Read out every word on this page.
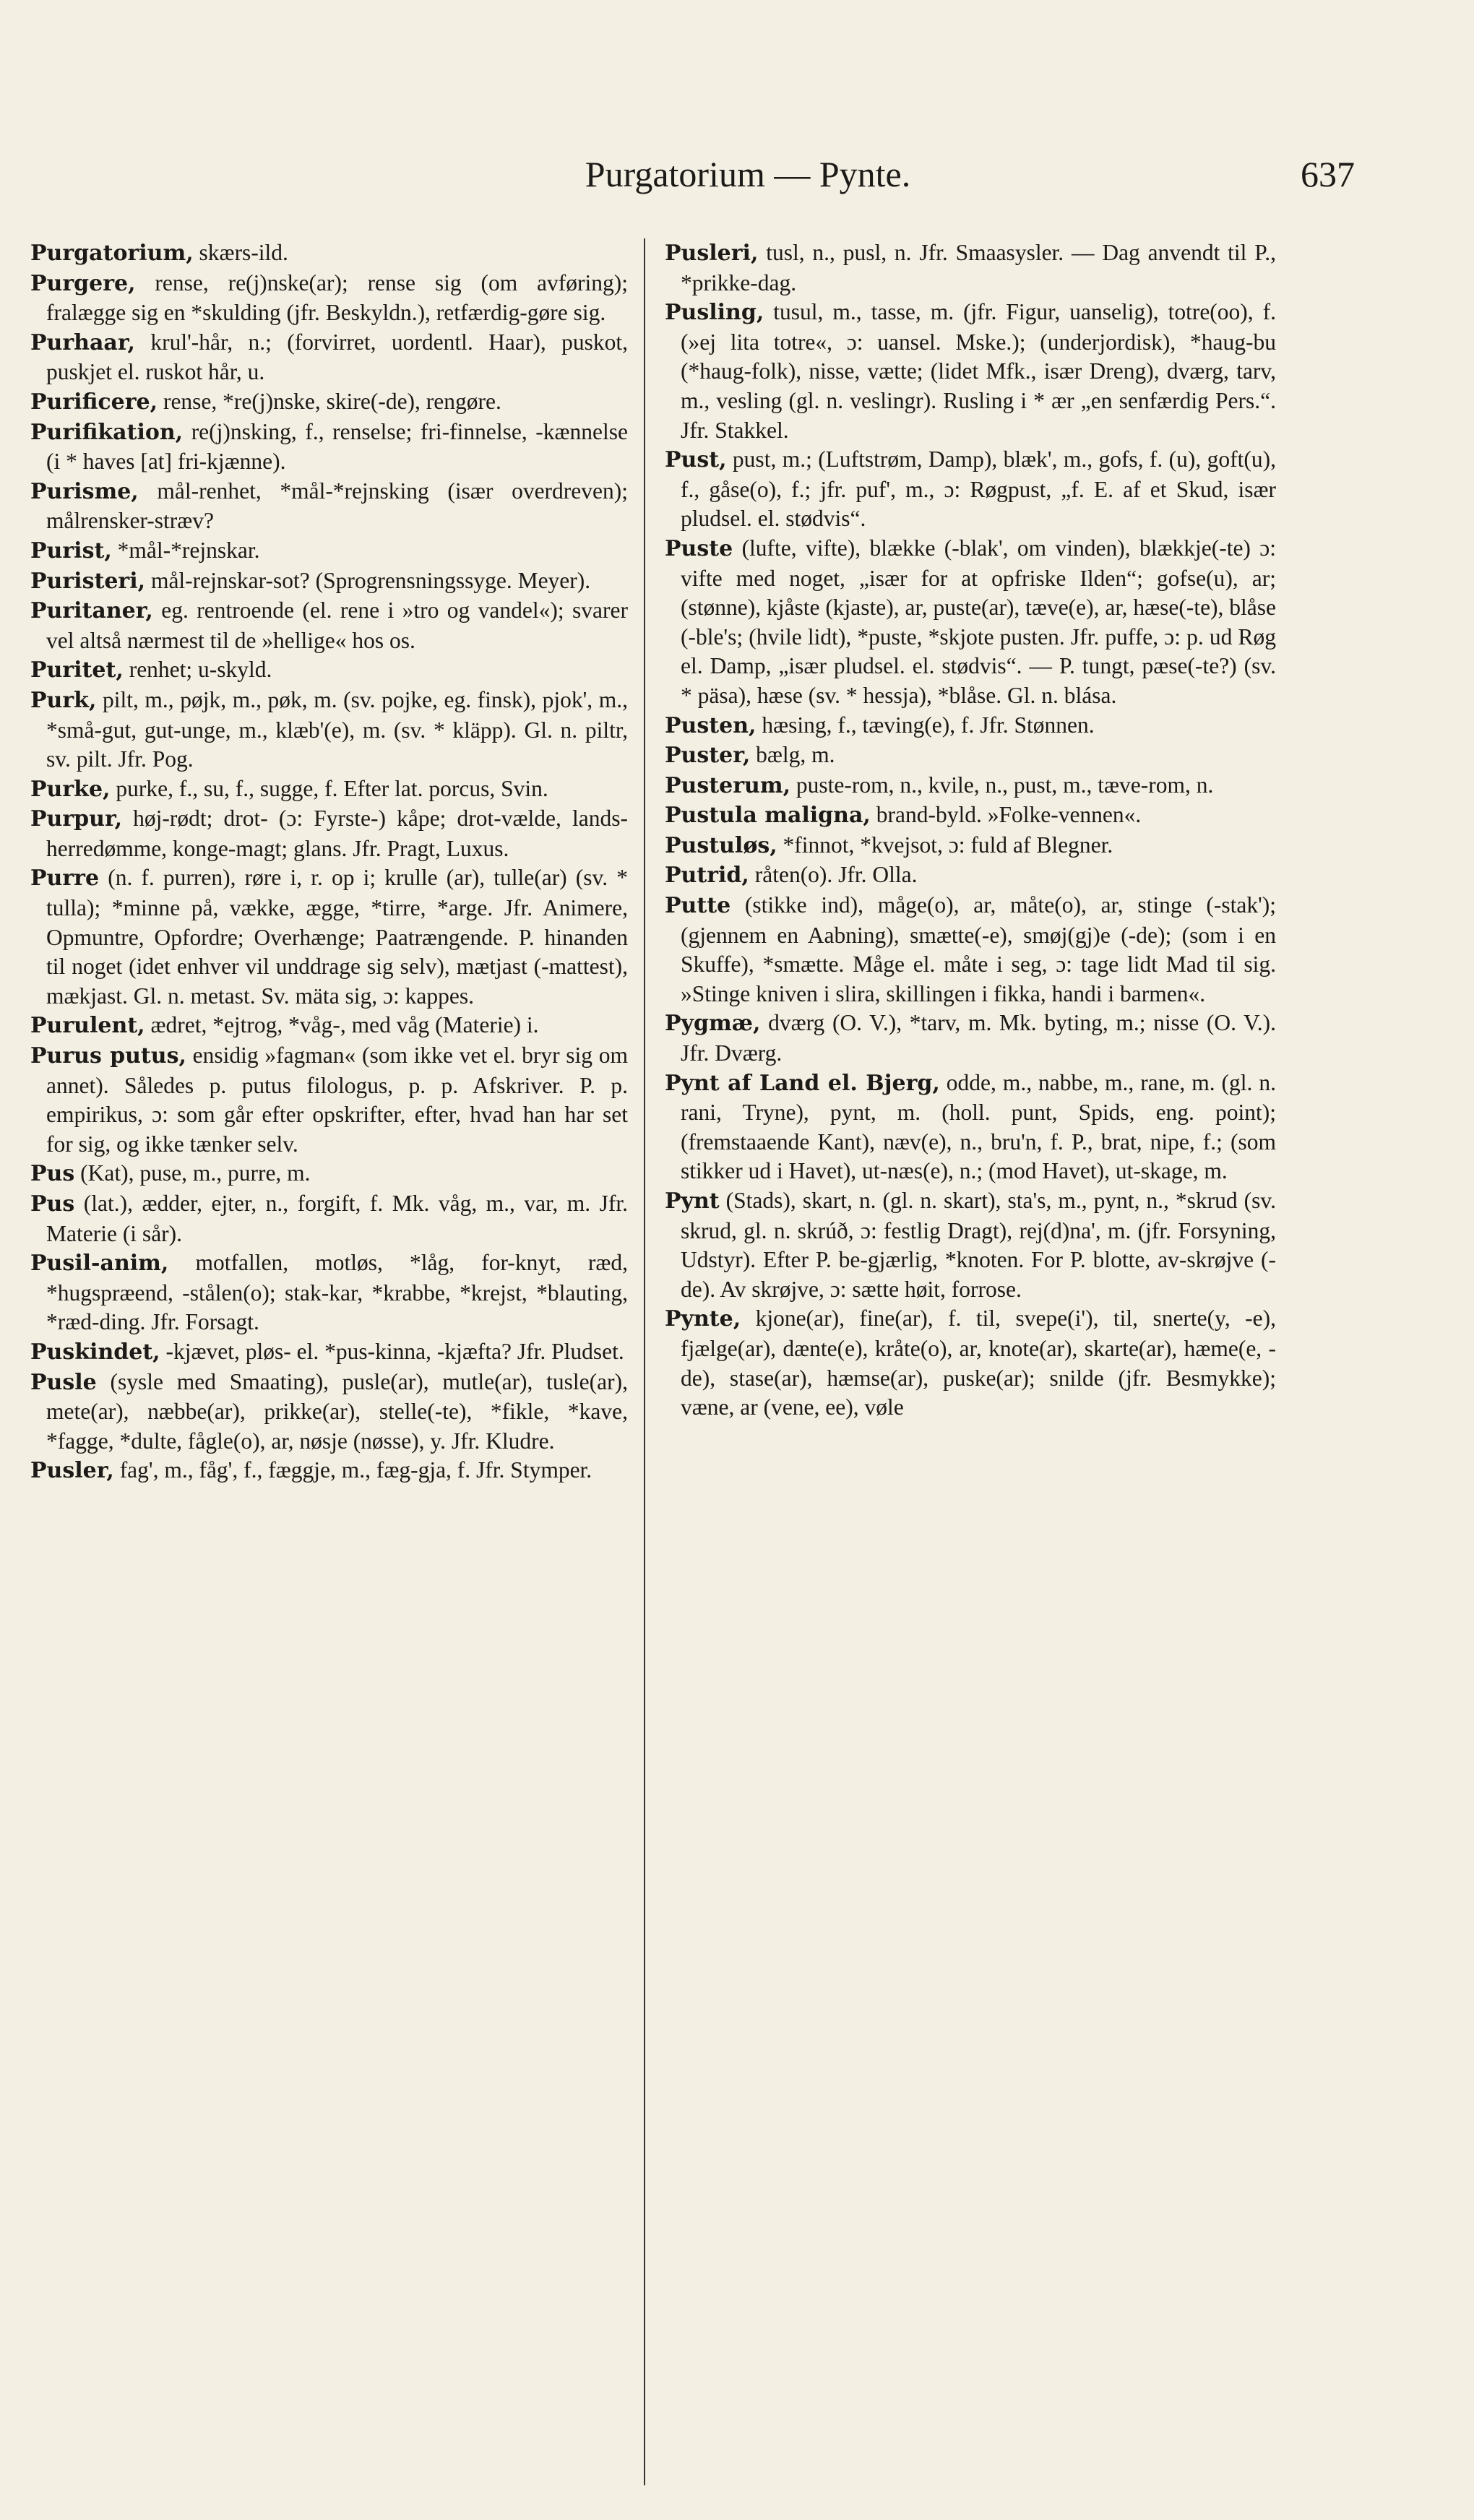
Purgatorium — Pynte.	637

Purgatorium, skærs-ild.

Purgere, rense, re(j)nske(ar); rense sig (om avføring); fralægge sig en *skulding (jfr. Beskyldn.), retfærdig-gøre sig.

Purhaar, krul'-hår, n.; (forvirret, uordentl. Haar), puskot, puskjet el. ruskot hår, u.

Purificere, rense, *re(j)nske, skire(-de), rengøre.

Purifikation, re(j)nsking, f., renselse; fri-finnelse, -kænnelse (i * haves [at] fri-kjænne).

Purisme, mål-renhet, *mål-*rejnsking (især overdreven); målrensker-stræv?

Purist, *mål-*rejnskar.

Puristeri, mål-rejnskar-sot? (Sprogrensningssyge. Meyer).

Puritaner, eg. rentroende (el. rene i »tro og vandel«); svarer vel altså nærmest til de »hellige« hos os.

Puritet, renhet; u-skyld.

Purk, pilt, m., pøjk, m., pøk, m. (sv. pojke, eg. finsk), pjok', m., *små-gut, gut-unge, m., klæb'(e), m. (sv. * kläpp). Gl. n. piltr, sv. pilt. Jfr. Pog.

Purke, purke, f., su, f., sugge, f. Efter lat. porcus, Svin.

Purpur, høj-rødt; drot- (ɔ: Fyrste-) kåpe; drot-vælde, lands-herredømme, konge-magt; glans. Jfr. Pragt, Luxus.

Purre (n. f. purren), røre i, r. op i; krulle (ar), tulle(ar) (sv. * tulla); *minne på, vække, ægge, *tirre, *arge. Jfr. Animere, Opmuntre, Opfordre; Overhænge; Paatrængende. P. hinanden til noget (idet enhver vil unddrage sig selv), mætjast (-mattest), mækjast. Gl. n. metast. Sv. mäta sig, ɔ: kappes.

Purulent, ædret, *ejtrog, *våg-, med våg (Materie) i.

Purus putus, ensidig »fagman« (som ikke vet el. bryr sig om annet). Således p. putus filologus, p. p. Afskriver. P. p. empirikus, ɔ: som går efter opskrifter, efter, hvad han har set for sig, og ikke tænker selv.

Pus (Kat), puse, m., purre, m.

Pus (lat.), ædder, ejter, n., forgift, f. Mk. våg, m., var, m. Jfr. Materie (i sår).

Pusil-anim, motfallen, motløs, *låg, for-knyt, ræd, *hugspræend, -stålen(o); stak-kar, *krabbe, *krejst, *blauting, *ræd-ding. Jfr. Forsagt.

Puskindet, -kjævet, pløs- el. *pus-kinna, -kjæfta? Jfr. Pludset.

Pusle (sysle med Smaating), pusle(ar), mutle(ar), tusle(ar), mete(ar), næbbe(ar), prikke(ar), stelle(-te), *fikle, *kave, *fagge, *dulte, fågle(o), ar, nøsje (nøsse), y. Jfr. Kludre.

Pusler, fag', m., fåg', f., fæggje, m., fæg-gja, f. Jfr. Stymper.

Pusleri, tusl, n., pusl, n. Jfr. Smaasysler. — Dag anvendt til P., *prikke-dag.

Pusling, tusul, m., tasse, m. (jfr. Figur, uanselig), totre(oo), f. (»ej lita totre«, ɔ: uansel. Mske.); (underjordisk), *haug-bu (*haug-folk), nisse, vætte; (lidet Mfk., især Dreng), dværg, tarv, m., vesling (gl. n. veslingr). Rusling i * ær „en senfærdig Pers.“. Jfr. Stakkel.

Pust, pust, m.; (Luftstrøm, Damp), blæk', m., gofs, f. (u), goft(u), f., gåse(o), f.; jfr. puf', m., ɔ: Røgpust, „f. E. af et Skud, især pludsel. el. stødvis“.

Puste (lufte, vifte), blække (-blak', om vinden), blækkje(-te) ɔ: vifte med noget, „især for at opfriske Ilden“; gofse(u), ar; (stønne), kjåste (kjaste), ar, puste(ar), tæve(e), ar, hæse(-te), blåse (-ble's; (hvile lidt), *puste, *skjote pusten. Jfr. puffe, ɔ: p. ud Røg el. Damp, „især pludsel. el. stødvis“. — P. tungt, pæse(-te?) (sv. * päsa), hæse (sv. * hessja), *blåse. Gl. n. blása.

Pusten, hæsing, f., tæving(e), f. Jfr. Stønnen.

Puster, bælg, m.

Pusterum, puste-rom, n., kvile, n., pust, m., tæve-rom, n.

Pustula maligna, brand-byld. »Folke-vennen«.

Pustuløs, *finnot, *kvejsot, ɔ: fuld af Blegner.

Putrid, råten(o). Jfr. Olla.

Putte (stikke ind), måge(o), ar, måte(o), ar, stinge (-stak'); (gjennem en Aabning), smætte(-e), smøj(gj)e (-de); (som i en Skuffe), *smætte. Måge el. måte i seg, ɔ: tage lidt Mad til sig. »Stinge kniven i slira, skillingen i fikka, handi i barmen«.

Pygmæ, dværg (O. V.), *tarv, m. Mk. byting, m.; nisse (O. V.). Jfr. Dværg.

Pynt af Land el. Bjerg, odde, m., nabbe, m., rane, m. (gl. n. rani, Tryne), pynt, m. (holl. punt, Spids, eng. point); (fremstaaende Kant), næv(e), n., bru'n, f. P., brat, nipe, f.; (som stikker ud i Havet), ut-næs(e), n.; (mod Havet), ut-skage, m.

Pynt (Stads), skart, n. (gl. n. skart), sta's, m., pynt, n., *skrud (sv. skrud, gl. n. skrúð, ɔ: festlig Dragt), rej(d)na', m. (jfr. Forsyning, Udstyr). Efter P. be-gjærlig, *knoten. For P. blotte, av-skrøjve (-de). Av skrøjve, ɔ: sætte høit, forrose.

Pynte, kjone(ar), fine(ar), f. til, svepe(i'), til, snerte(y, -e), fjælge(ar), dænte(e), kråte(o), ar, knote(ar), skarte(ar), hæme(e, -de), stase(ar), hæmse(ar), puske(ar); snilde (jfr. Besmykke); væne, ar (vene, ee), vøle
